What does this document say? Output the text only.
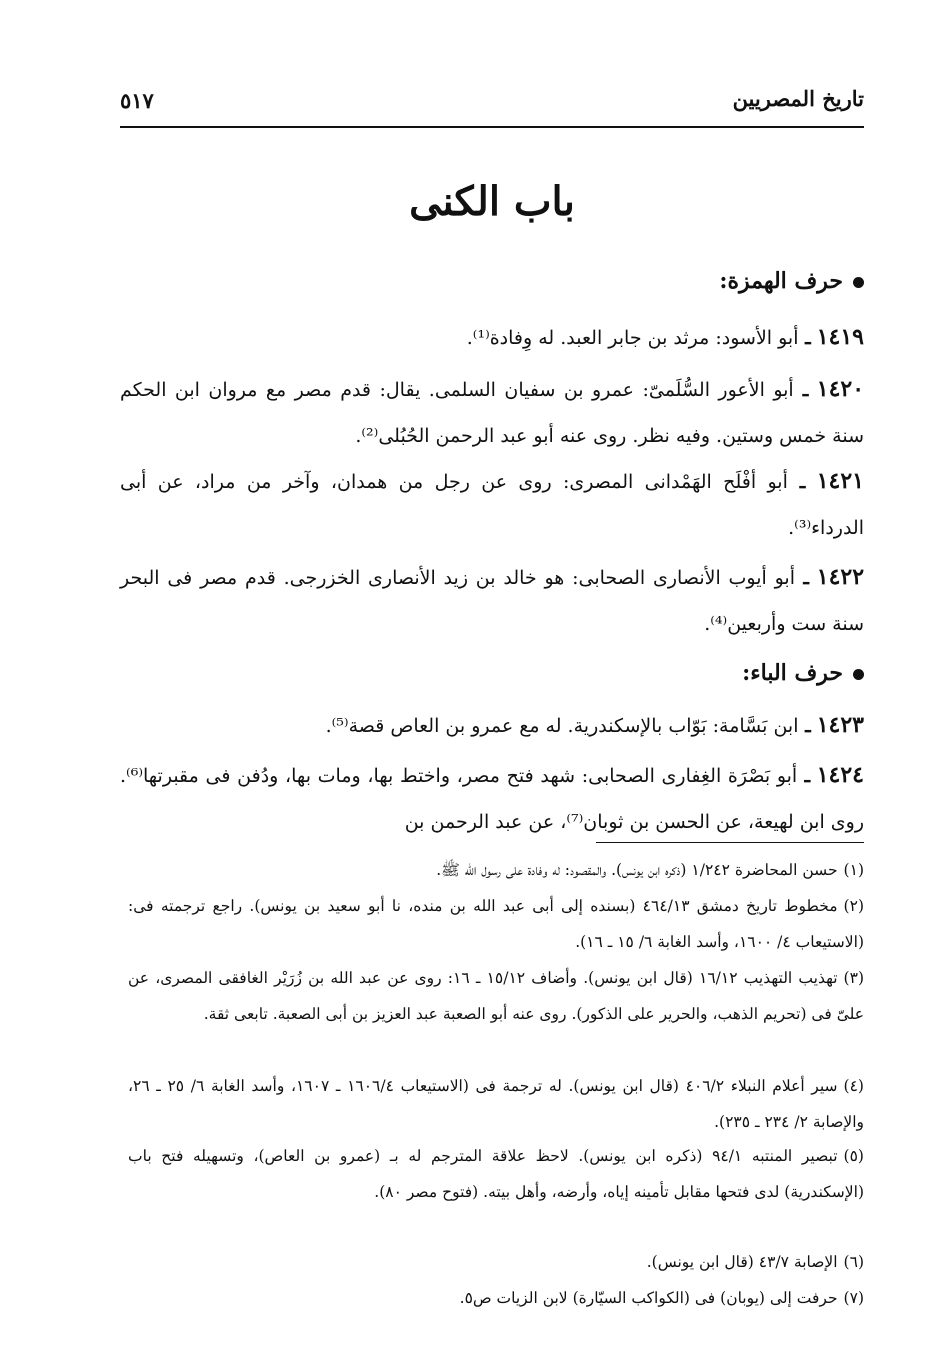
تاريخ المصريين
٥١٧
باب الكنى
حرف الهمزة:
١٤١٩ ـ أبو الأسود: مرثد بن جابر العبد. له وِفادة⁽¹⁾.
١٤٢٠ ـ أبو الأعور السُّلَمىّ: عمرو بن سفيان السلمى. يقال: قدم مصر مع مروان ابن الحكم سنة خمس وستين. وفيه نظر. روى عنه أبو عبد الرحمن الحُبُلى⁽²⁾.
١٤٢١ ـ أبو أفْلَح الهَمْدانى المصرى: روى عن رجل من همدان، وآخر من مراد، عن أبى الدرداء⁽³⁾.
١٤٢٢ ـ أبو أيوب الأنصارى الصحابى: هو خالد بن زيد الأنصارى الخزرجى. قدم مصر فى البحر سنة ست وأربعين⁽⁴⁾.
حرف الباء:
١٤٢٣ ـ ابن بَسَّامة: بَوّاب بالإسكندرية. له مع عمرو بن العاص قصة⁽⁵⁾.
١٤٢٤ ـ أبو بَصْرَة الغِفارى الصحابى: شهد فتح مصر، واختط بها، ومات بها، ودُفن فى مقبرتها⁽⁶⁾. روى ابن لهيعة، عن الحسن بن ثوبان⁽⁷⁾، عن عبد الرحمن بن
(١)حسن المحاضرة ١/٢٤٢ (ذكره ابن يونس). والمقصود: له وفادة على رسول الله ﷺ.
(٢)مخطوط تاريخ دمشق ٤٦٤/١٣ (بسنده إلى أبى عبد الله بن منده، نا أبو سعيد بن يونس). راجع ترجمته فى: (الاستيعاب ٤/ ١٦٠٠، وأسد الغابة ٦/ ١٥ ـ ١٦).
(٣)تهذيب التهذيب ١٦/١٢ (قال ابن يونس). وأضاف ١٥/١٢ ـ ١٦: روى عن عبد الله بن زُرَيْر الغافقى المصرى، عن علىّ فى (تحريم الذهب، والحرير على الذكور). روى عنه أبو الصعبة عبد العزيز بن أبى الصعبة. تابعى ثقة.
(٤)سير أعلام النبلاء ٤٠٦/٢ (قال ابن يونس). له ترجمة فى (الاستيعاب ١٦٠٦/٤ ـ ١٦٠٧، وأسد الغابة ٦/ ٢٥ ـ ٢٦، والإصابة ٢/ ٢٣٤ ـ ٢٣٥).
(٥)تبصير المنتبه ٩٤/١ (ذكره ابن يونس). لاحظ علاقة المترجم له بـ (عمرو بن العاص)، وتسهيله فتح باب (الإسكندرية) لدى فتحها مقابل تأمينه إياه، وأرضه، وأهل بيته. (فتوح مصر ٨٠).
(٦)الإصابة ٤٣/٧ (قال ابن يونس).
(٧)حرفت إلى (يوبان) فى (الكواكب السيّارة) لابن الزيات ص٥.
